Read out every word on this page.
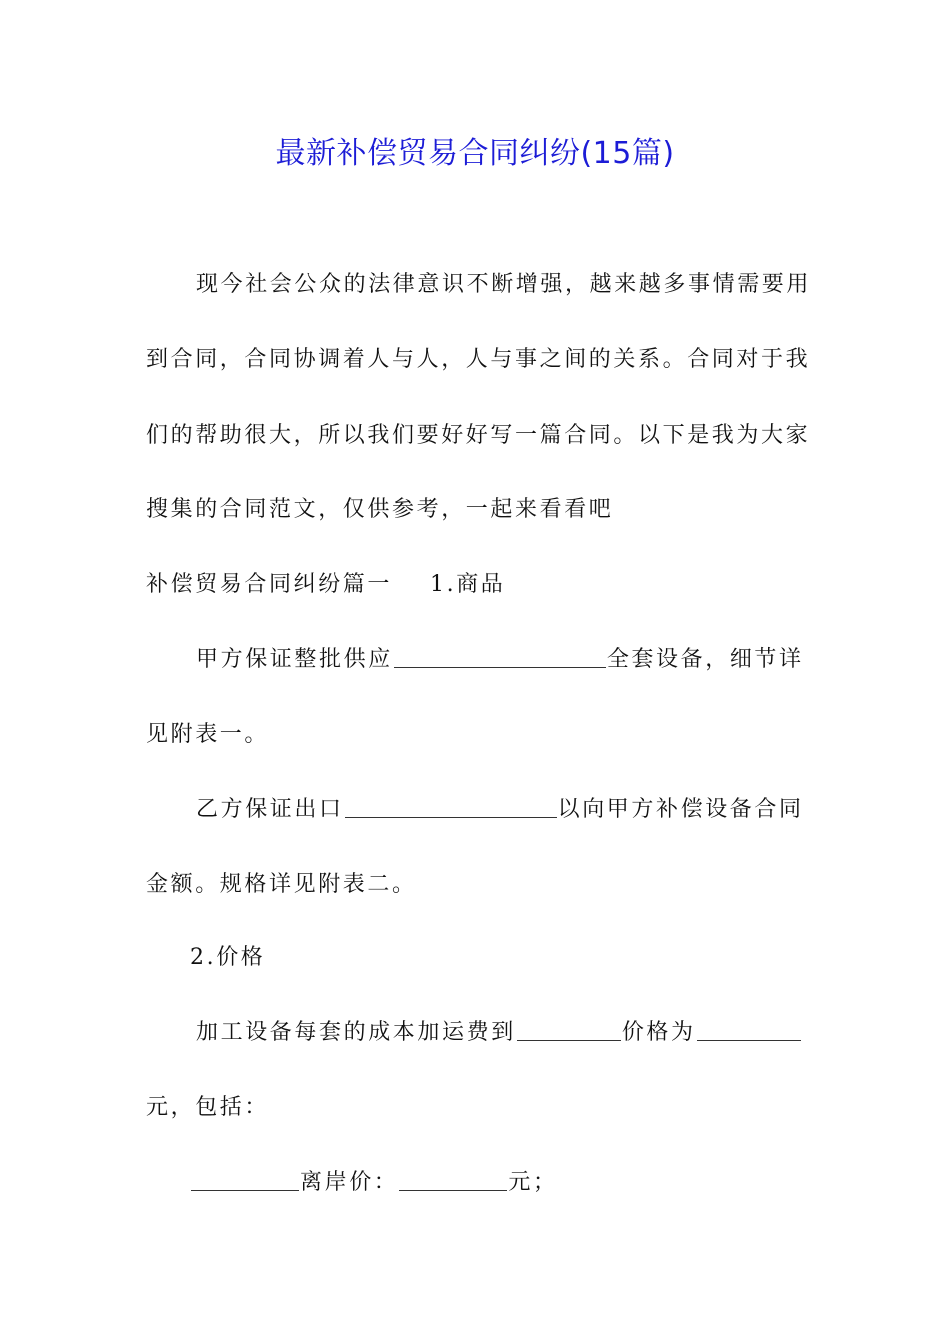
最新补偿贸易合同纠纷(15篇)
现今社会公众的法律意识不断增强，越来越多事情需要用
到合同，合同协调着人与人，人与事之间的关系。合同对于我
们的帮助很大，所以我们要好好写一篇合同。以下是我为大家
搜集的合同范文，仅供参考，一起来看看吧
补偿贸易合同纠纷篇一 1.商品
甲方保证整批供应	全套设备，细节详
见附表一。
乙方保证出口	以向甲方补偿设备合同
金额。规格详见附表二。
2.价格
加工设备每套的成本加运费到	价格为
元，包括：
离岸价：	元；
